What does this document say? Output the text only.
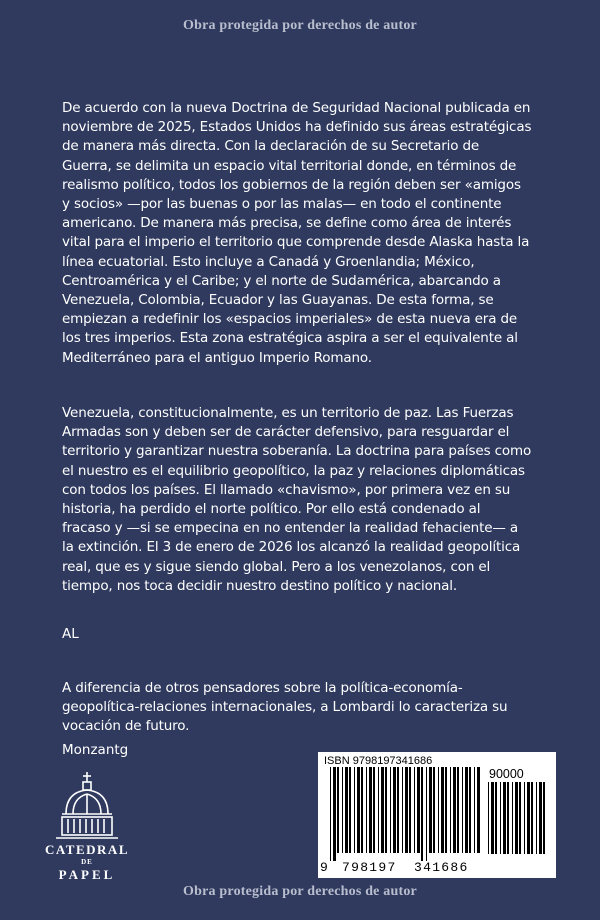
Obra protegida por derechos de autor

De acuerdo con la nueva Doctrina de Seguridad Nacional publicada en noviembre de 2025, Estados Unidos ha definido sus áreas estratégicas de manera más directa. Con la declaración de su Secretario de Guerra, se delimita un espacio vital territorial donde, en términos de realismo político, todos los gobiernos de la región deben ser «amigos y socios» —por las buenas o por las malas— en todo el continente americano. De manera más precisa, se define como área de interés vital para el imperio el territorio que comprende desde Alaska hasta la línea ecuatorial. Esto incluye a Canadá y Groenlandia; México, Centroamérica y el Caribe; y el norte de Sudamérica, abarcando a Venezuela, Colombia, Ecuador y las Guayanas. De esta forma, se empiezan a redefinir los «espacios imperiales» de esta nueva era de los tres imperios. Esta zona estratégica aspira a ser el equivalente al Mediterráneo para el antiguo Imperio Romano.

Venezuela, constitucionalmente, es un territorio de paz. Las Fuerzas Armadas son y deben ser de carácter defensivo, para resguardar el territorio y garantizar nuestra soberanía. La doctrina para países como el nuestro es el equilibrio geopolítico, la paz y relaciones diplomáticas con todos los países. El llamado «chavismo», por primera vez en su historia, ha perdido el norte político. Por ello está condenado al fracaso y —si se empecina en no entender la realidad fehaciente— a la extinción. El 3 de enero de 2026 los alcanzó la realidad geopolítica real, que es y sigue siendo global. Pero a los venezolanos, con el tiempo, nos toca decidir nuestro destino político y nacional.

AL

A diferencia de otros pensadores sobre la política-economía-geopolítica-relaciones internacionales, a Lombardi lo caracteriza su vocación de futuro.

Monzantg

CATEDRAL
DE
PAPEL
ISBN 9798197341686
90000
9 798197 341686
Obra protegida por derechos de autor
